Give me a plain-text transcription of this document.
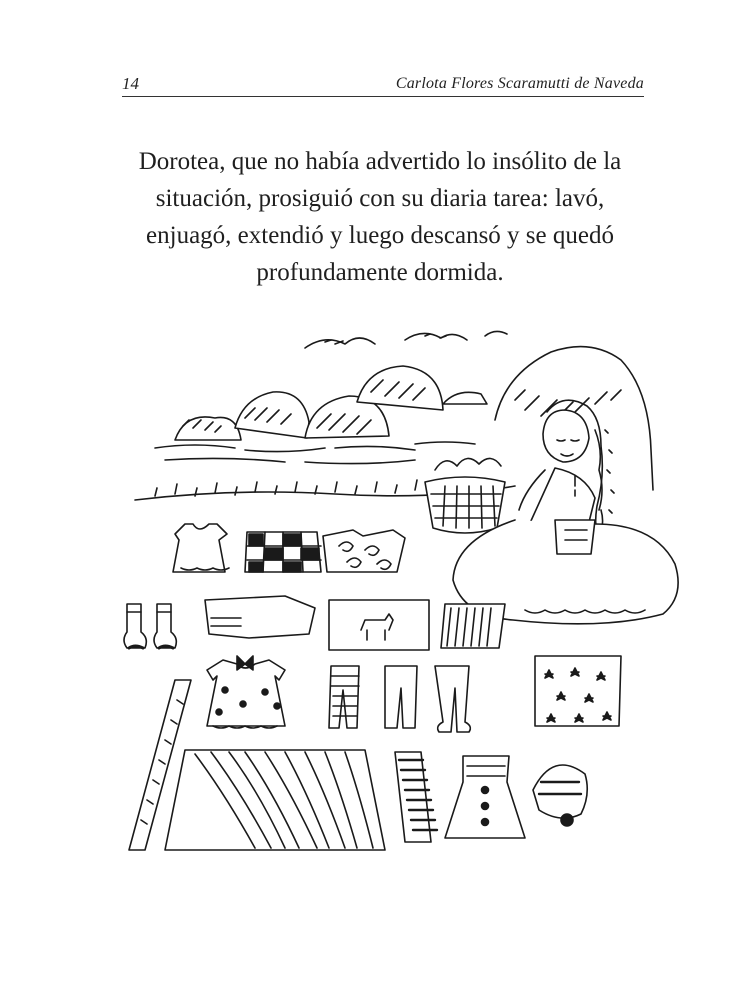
14	Carlota Flores Scaramutti de Naveda

Dorotea, que no había advertido lo insólito de la situación, prosiguió con su diaria tarea: lavó, enjuagó, extendió y luego descansó y se quedó profundamente dormida.
